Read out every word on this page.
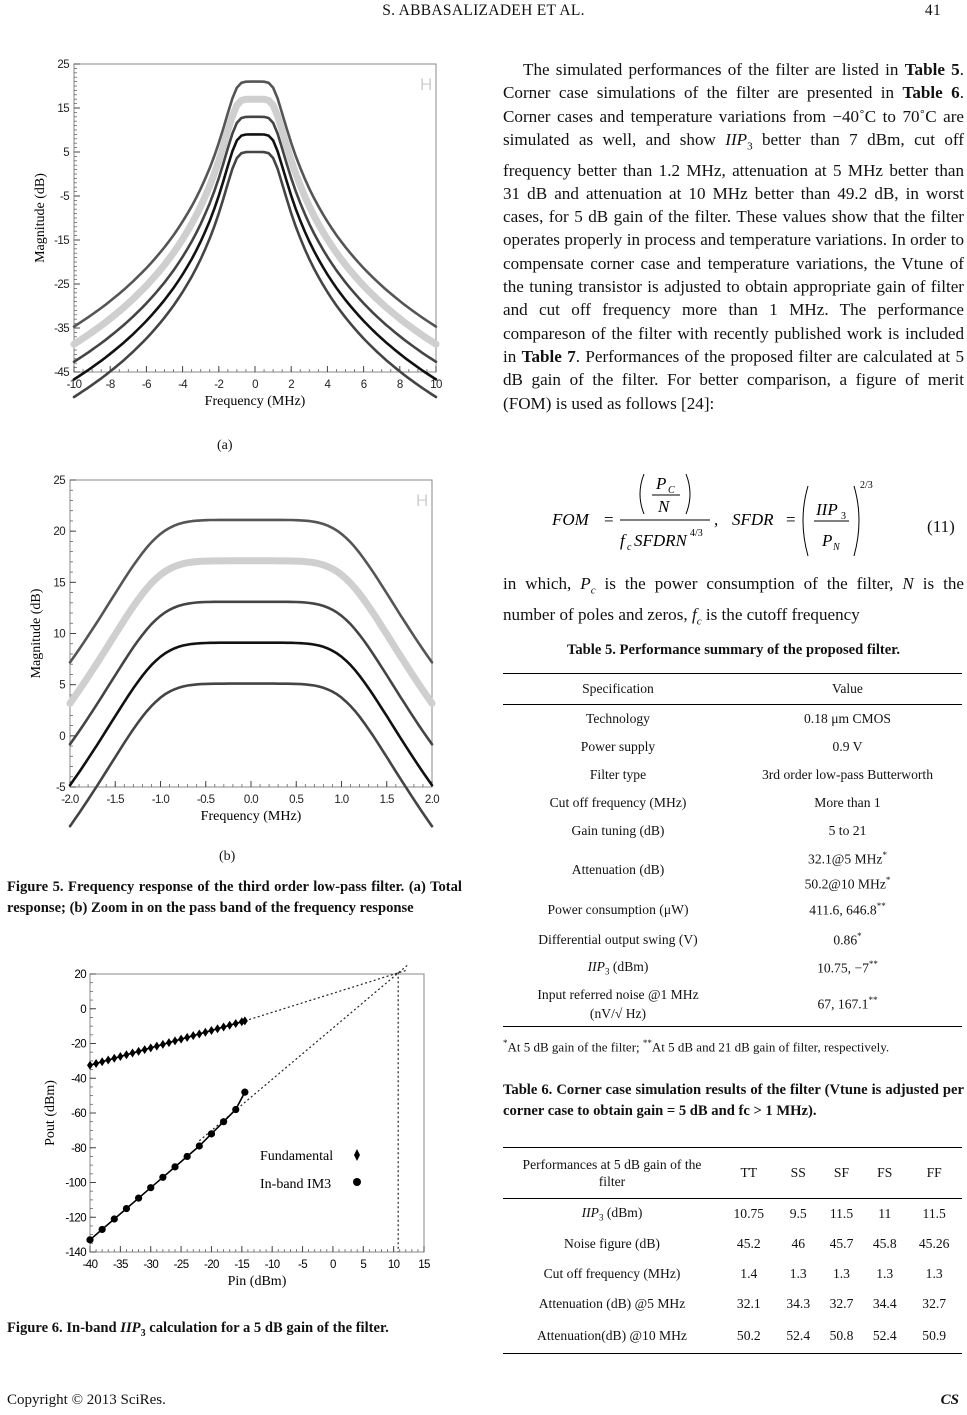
S. ABBASALIZADEH ET AL.	41
-10 -8 -6 -4 -2	0	2	4	6	8 10
25
15
5
-5
-15
-25
-35
-45
Frequency (MHz)
Magnitude (dB)
H
(a)
-2.0 -1.5 -1.0 -0.5	0.0	0.5	1.0	1.5	2.0
25
20
15
10
5
0
-5
Frequency (MHz)
Magnitude (dB)
H
(b)
Figure 5. Frequency response of the third order low-pass filter. (a) Total response; (b) Zoom in on the pass band of the frequency response
-40 -35 -30 -25 -20 -15 -10 -5 0 5 10 15
20
0
-20
-40
-60
-80
-100
-120
-140
Pin (dBm)
Pout (dBm)
Fundamental
In-band IM3
Figure 6. In-band $IIP_3$ calculation for a 5 dB gain of the filter.
The simulated performances of the filter are listed in Table 5. Corner case simulations of the filter are presented in Table 6. Corner cases and temperature variations from −40˚C to 70˚C are simulated as well, and show $IIP_3$ better than 7 dBm, cut off frequency better than 1.2 MHz, attenuation at 5 MHz better than 31 dB and attenuation at 10 MHz better than 49.2 dB, in worst cases, for 5 dB gain of the filter. These values show that the filter operates properly in process and temperature variations. In order to compensate corner case and temperature variations, the Vtune of the tuning transistor is adjusted to obtain appropriate gain of filter and cut off frequency more than 1 MHz. The performance compareson of the filter with recently published work is included in Table 7. Performances of the proposed filter are calculated at 5 dB gain of the filter. For better comparison, a figure of merit (FOM) is used as follows [24]:
FOM =
P C
N
f c SFDRN 4/3
, SFDR =
IIP 3
P N
2/3
(11)
in which, $P_c$ is the power consumption of the filter, N is the number of poles and zeros, $f_c$ is the cutoff frequency
Table 5. Performance summary of the proposed filter.
Specification	Value
Technology	0.18 μm CMOS
Power supply	0.9 V
Filter type	3rd order low-pass Butterworth
Cut off frequency (MHz)	More than 1
Gain tuning (dB)	5 to 21
Attenuation (dB)	32.1@5 MHz*
50.2@10 MHz*
Power consumption (μW)	411.6, 646.8**
Differential output swing (V)	0.86*
$IIP_3$ (dBm)	10.75, −7**
Input referred noise @1 MHz
(nV/√ Hz)	67, 167.1**
*At 5 dB gain of the filter; **At 5 dB and 21 dB gain of filter, respectively.
Table 6. Corner case simulation results of the filter (Vtune is adjusted per corner case to obtain gain = 5 dB and fc > 1 MHz).
Performances at 5 dB gain of the
filter	TT	SS	SF	FS	FF
$IIP_3$ (dBm)	10.75	9.5	11.5	11	11.5
Noise figure (dB)	45.2	46	45.7	45.8	45.26
Cut off frequency (MHz)	1.4	1.3	1.3	1.3	1.3
Attenuation (dB) @5 MHz	32.1	34.3	32.7	34.4	32.7
Attenuation(dB) @10 MHz	50.2	52.4	50.8	52.4	50.9
Copyright © 2013 SciRes.	CS
